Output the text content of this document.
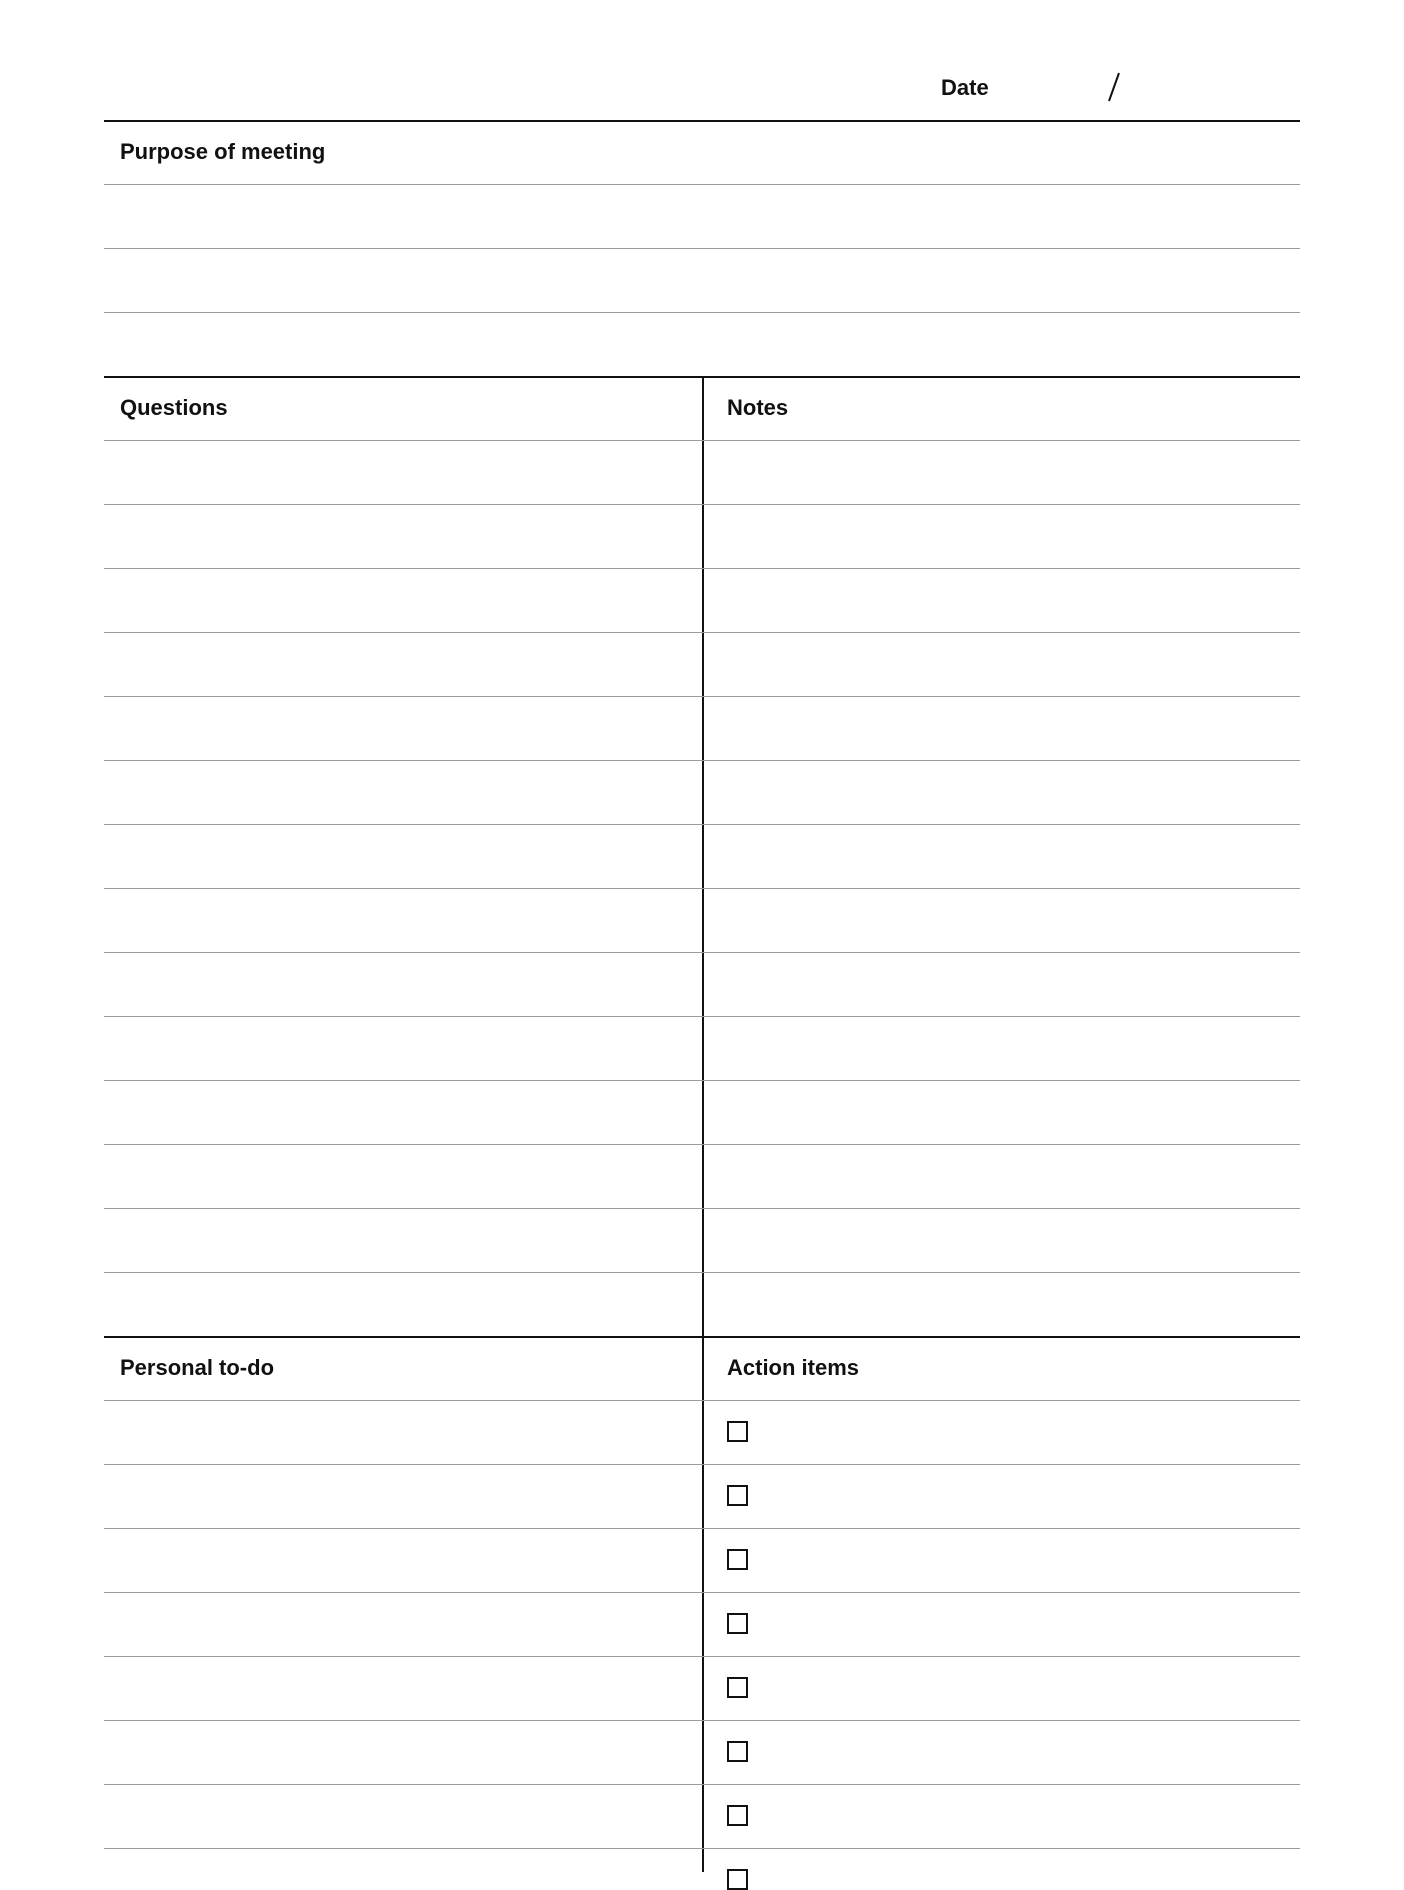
Date
Purpose of meeting
Questions	Notes
Personal to-do	Action items
